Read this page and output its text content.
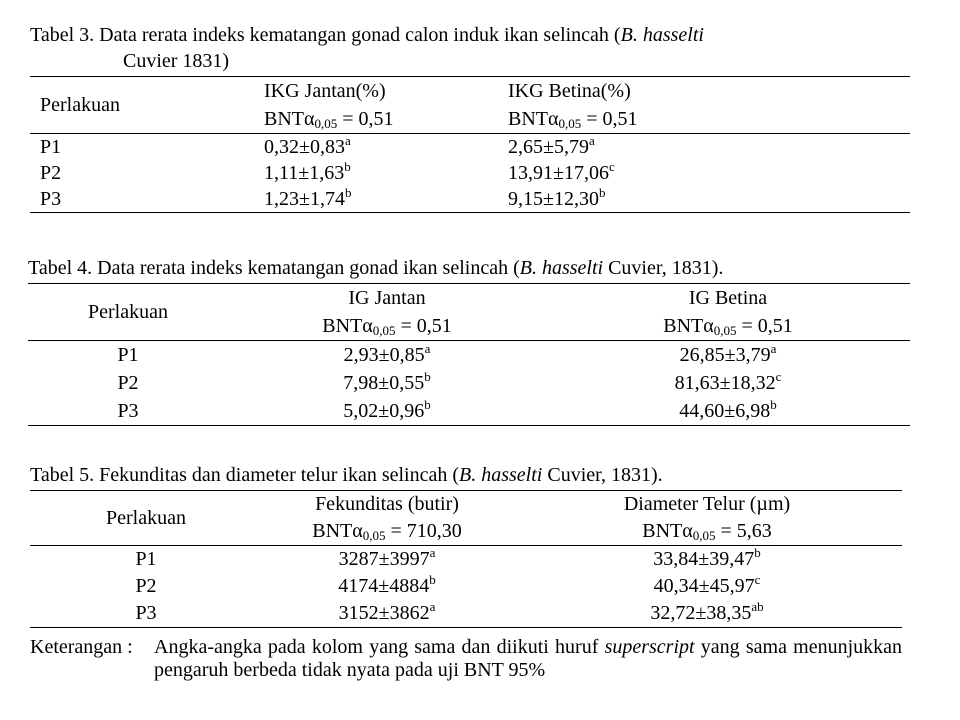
Tabel 3. Data rerata indeks kematangan gonad calon induk ikan selincah (B. hasselti
Cuvier 1831)
Perlakuan	IKG Jantan(%)	IKG Betina(%)
	BNTα$_{0,05}$ = 0,51	BNTα$_{0,05}$ = 0,51
P1	0,32±0,83$^a$	2,65±5,79$^a$
P2	1,11±1,63$^b$	13,91±17,06$^c$
P3	1,23±1,74$^b$	9,15±12,30$^b$
Tabel 4. Data rerata indeks kematangan gonad ikan selincah (B. hasselti Cuvier, 1831).
Perlakuan	IG Jantan	IG Betina
	BNTα$_{0,05}$ = 0,51	BNTα$_{0,05}$ = 0,51
P1	2,93±0,85$^a$	26,85±3,79$^a$
P2	7,98±0,55$^b$	81,63±18,32$^c$
P3	5,02±0,96$^b$	44,60±6,98$^b$
Tabel 5. Fekunditas dan diameter telur ikan selincah (B. hasselti Cuvier, 1831).
Perlakuan	Fekunditas (butir)	Diameter Telur (µm)
	BNTα$_{0,05}$ = 710,30	BNTα$_{0,05}$ = 5,63
P1	$3287\pm 3997^a$	33,84±39,47$^b$
P2	$4174\pm 4884^b$	40,34±45,97$^c$
P3	$3152\pm 3862^a$	32,72±38,35$^{ab}$
Keterangan : Angka-angka pada kolom yang sama dan diikuti huruf superscript yang sama menunjukkan pengaruh berbeda tidak nyata pada uji BNT 95%
